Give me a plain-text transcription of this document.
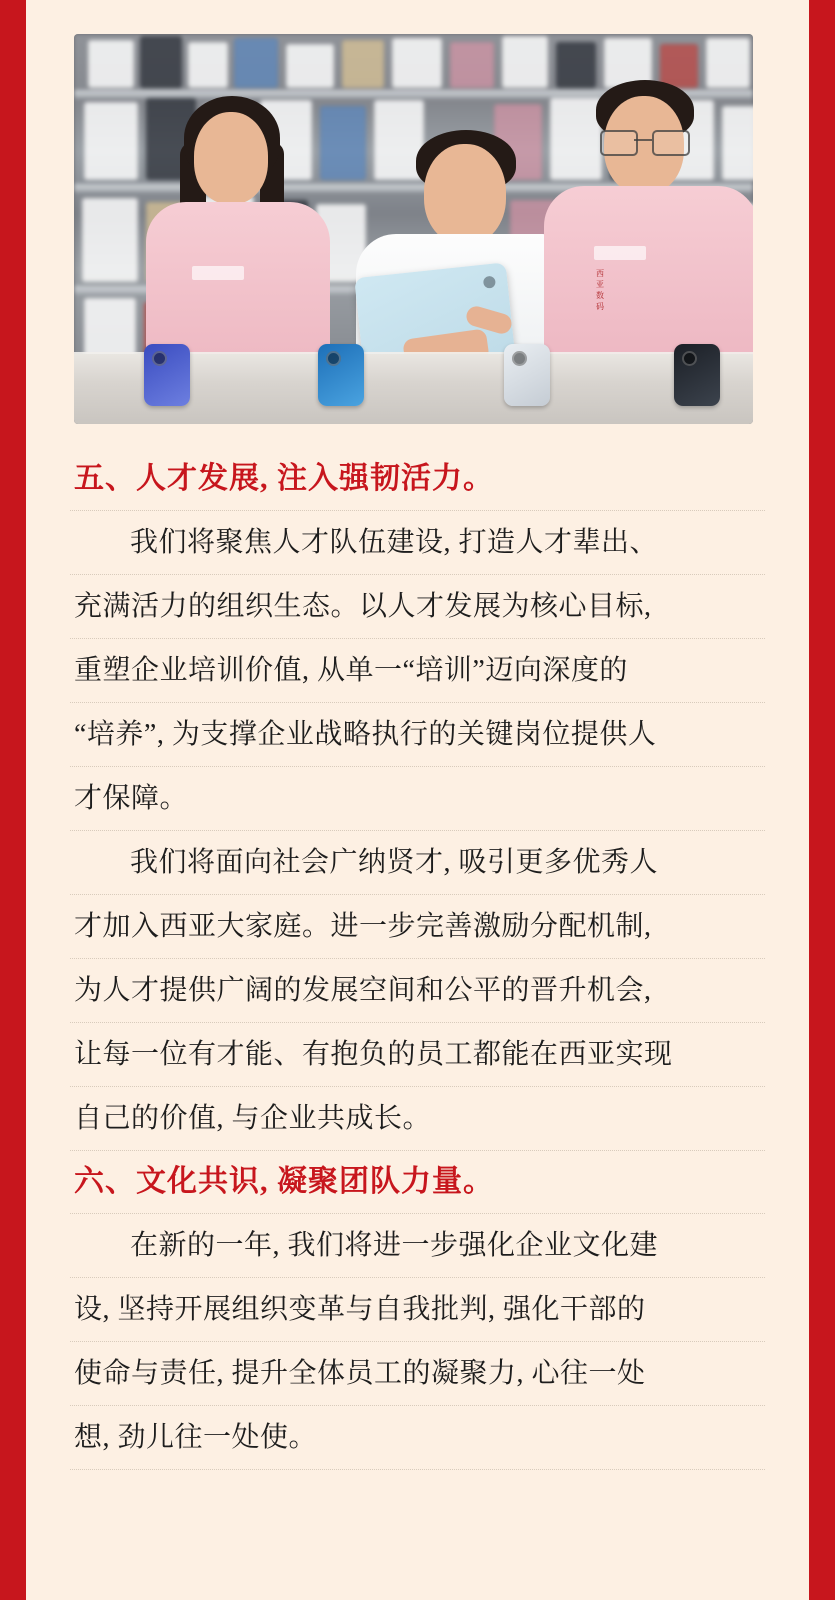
西亚数码
五、人才发展, 注入强韧活力。
我们将聚焦人才队伍建设, 打造人才辈出、
充满活力的组织生态。以人才发展为核心目标,
重塑企业培训价值, 从单一“培训”迈向深度的
“培养”, 为支撑企业战略执行的关键岗位提供人
才保障。
我们将面向社会广纳贤才, 吸引更多优秀人
才加入西亚大家庭。进一步完善激励分配机制,
为人才提供广阔的发展空间和公平的晋升机会,
让每一位有才能、有抱负的员工都能在西亚实现
自己的价值, 与企业共成长。
六、文化共识, 凝聚团队力量。
在新的一年, 我们将进一步强化企业文化建
设, 坚持开展组织变革与自我批判, 强化干部的
使命与责任, 提升全体员工的凝聚力, 心往一处
想, 劲儿往一处使。
